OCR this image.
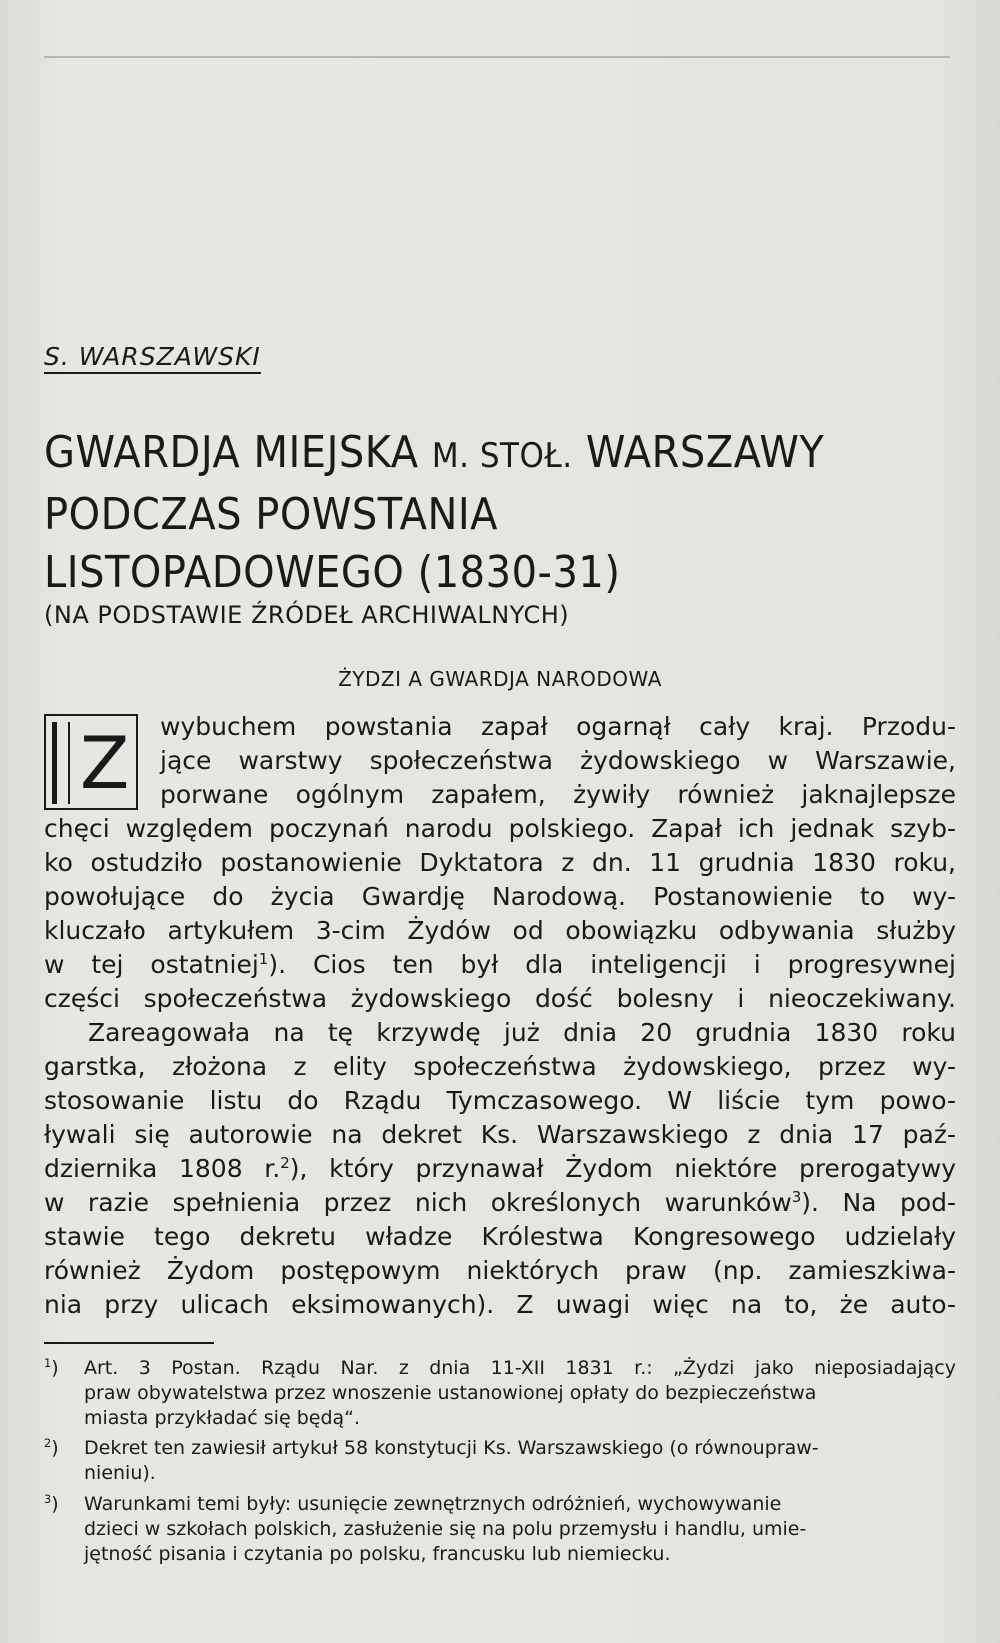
S. WARSZAWSKI
GWARDJA MIEJSKA M. STOŁ. WARSZAWY
PODCZAS POWSTANIA
LISTOPADOWEGO (1830-31)
(NA PODSTAWIE ŹRÓDEŁ ARCHIWALNYCH)
ŻYDZI A GWARDJA NARODOWA
Z wybuchem powstania zapał ogarnął cały kraj. Przodu-
jące warstwy społeczeństwa żydowskiego w Warszawie,
porwane ogólnym zapałem, żywiły również jaknajlepsze
chęci względem poczynań narodu polskiego. Zapał ich jednak szyb-
ko ostudziło postanowienie Dyktatora z dn. 11 grudnia 1830 roku,
powołujące do życia Gwardję Narodową. Postanowienie to wy-
kluczało artykułem 3-cim Żydów od obowiązku odbywania służby
w tej ostatniej$^1$). Cios ten był dla inteligencji i progresywnej
części społeczeństwa żydowskiego dość bolesny i nieoczekiwany.
Zareagowała na tę krzywdę już dnia 20 grudnia 1830 roku
garstka, złożona z elity społeczeństwa żydowskiego, przez wy-
stosowanie listu do Rządu Tymczasowego. W liście tym powo-
ływali się autorowie na dekret Ks. Warszawskiego z dnia 17 paź-
dziernika 1808 r.$^2$), który przynawał Żydom niektóre prerogatywy
w razie spełnienia przez nich określonych warunków$^3$). Na pod-
stawie tego dekretu władze Królestwa Kongresowego udzielały
również Żydom postępowym niektórych praw (np. zamieszkiwa-
nia przy ulicach eksimowanych). Z uwagi więc na to, że auto-
$^1$) Art. 3 Postan. Rządu Nar. z dnia 11-XII 1831 r.: „Żydzi jako nieposiadający
praw obywatelstwa przez wnoszenie ustanowionej opłaty do bezpieczeństwa
miasta przykładać się będą“.
$^2$) Dekret ten zawiesił artykuł 58 konstytucji Ks. Warszawskiego (o równoupraw-
nieniu).
$^3$) Warunkami temi były: usunięcie zewnętrznych odróżnień, wychowywanie
dzieci w szkołach polskich, zasłużenie się na polu przemysłu i handlu, umie-
jętność pisania i czytania po polsku, francusku lub niemiecku.
